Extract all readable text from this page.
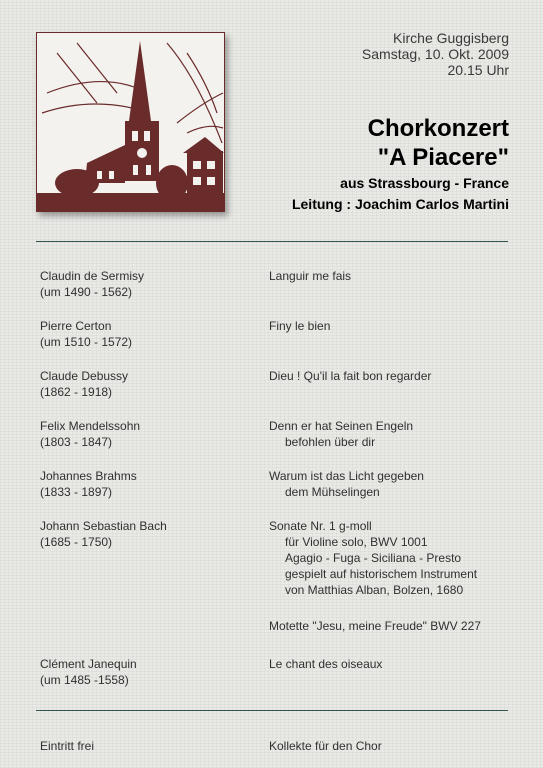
Kirche Guggisberg
Samstag, 10. Okt. 2009
20.15 Uhr
Chorkonzert
"A Piacere"
aus Strassbourg - France
Leitung : Joachim Carlos Martini
Claudin de Sermisy
(um 1490 - 1562)
Languir me fais
Pierre Certon
(um 1510 - 1572)
Finy le bien
Claude Debussy
(1862 - 1918)
Dieu ! Qu'il la fait bon regarder
Felix Mendelssohn
(1803 - 1847)
Denn er hat Seinen Engeln
befohlen über dir
Johannes Brahms
(1833 - 1897)
Warum ist das Licht gegeben
dem Mühselingen
Johann Sebastian Bach
(1685 - 1750)
Sonate Nr. 1 g-moll
für Violine solo, BWV 1001
Agagio - Fuga - Siciliana - Presto
gespielt auf historischem Instrument
von Matthias Alban, Bolzen, 1680
Motette "Jesu, meine Freude" BWV 227
Clément Janequin
(um 1485 -1558)
Le chant des oiseaux
Eintritt frei	Kollekte für den Chor
